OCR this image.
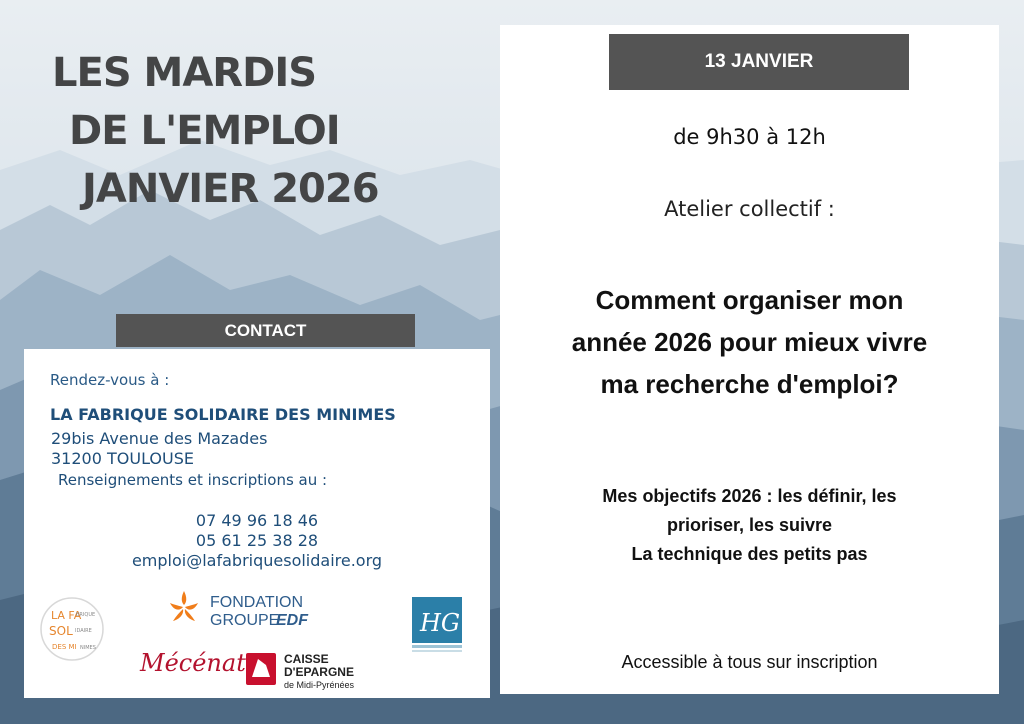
LES MARDIS
DE L'EMPLOI
JANVIER 2026
CONTACT
Rendez-vous à :
LA FABRIQUE SOLIDAIRE DES MINIMES
29bis Avenue des Mazades
31200 TOULOUSE
Renseignements et inscriptions au :
07 49 96 18 46
05 61 25 38 28
emploi@lafabriquesolidaire.org
LA FA
BRIQUE
SOL IDAIRE
DES MI NIMES
FONDATION
GROUPE
EDF
Mécénat	CAISSE
D'EPARGNE
de Midi-Pyrénées
HG
de 9h30 à 12h
Atelier collectif :
Comment organiser mon
année 2026 pour mieux vivre
ma recherche d'emploi?
Mes objectifs 2026 : les définir, les
prioriser, les suivre
La technique des petits pas
Accessible à tous sur inscription
13 JANVIER
